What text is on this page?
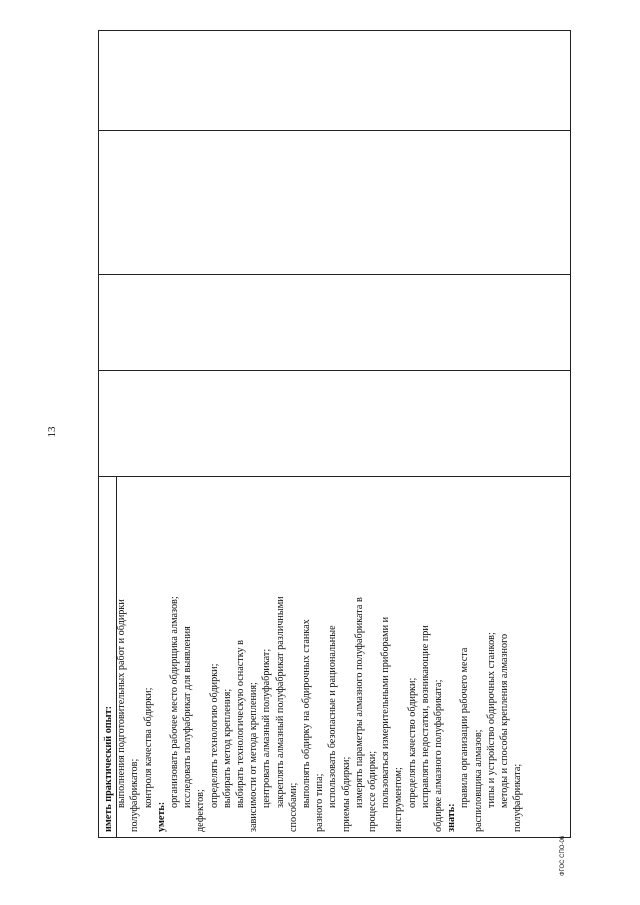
иметь практический опыт: выполнения подготовительных работ и обдирки полуфабрикатов; контроля качества обдирки;
уметь:
организовать рабочее место обдирщика алмазов; исследовать полуфабрикат для выявления
дефектов;
определять технологию обдирки; выбирать метод крепления; выбирать технологическую оснастку в зависимости от метода крепления; центровать алмазный полуфабрикат; закреплять алмазный полуфабрикат различными способами; выполнять обдирку на обдирочных станках разного типа; использовать безопасные и рациональные приемы обдирки; измерять параметры алмазного полуфабриката в процессе обдирки; пользоваться измерительными приборами и инструментом; определять качество обдирки; исправлять недостатки, возникающие при обдирке алмазного полуфабриката; знать:
правила организации рабочего места распиловщика алмазов; типы и устройство обдирочных станков; методы и способы крепления алмазного полуфабриката;
13
ФГОС СПО-06
